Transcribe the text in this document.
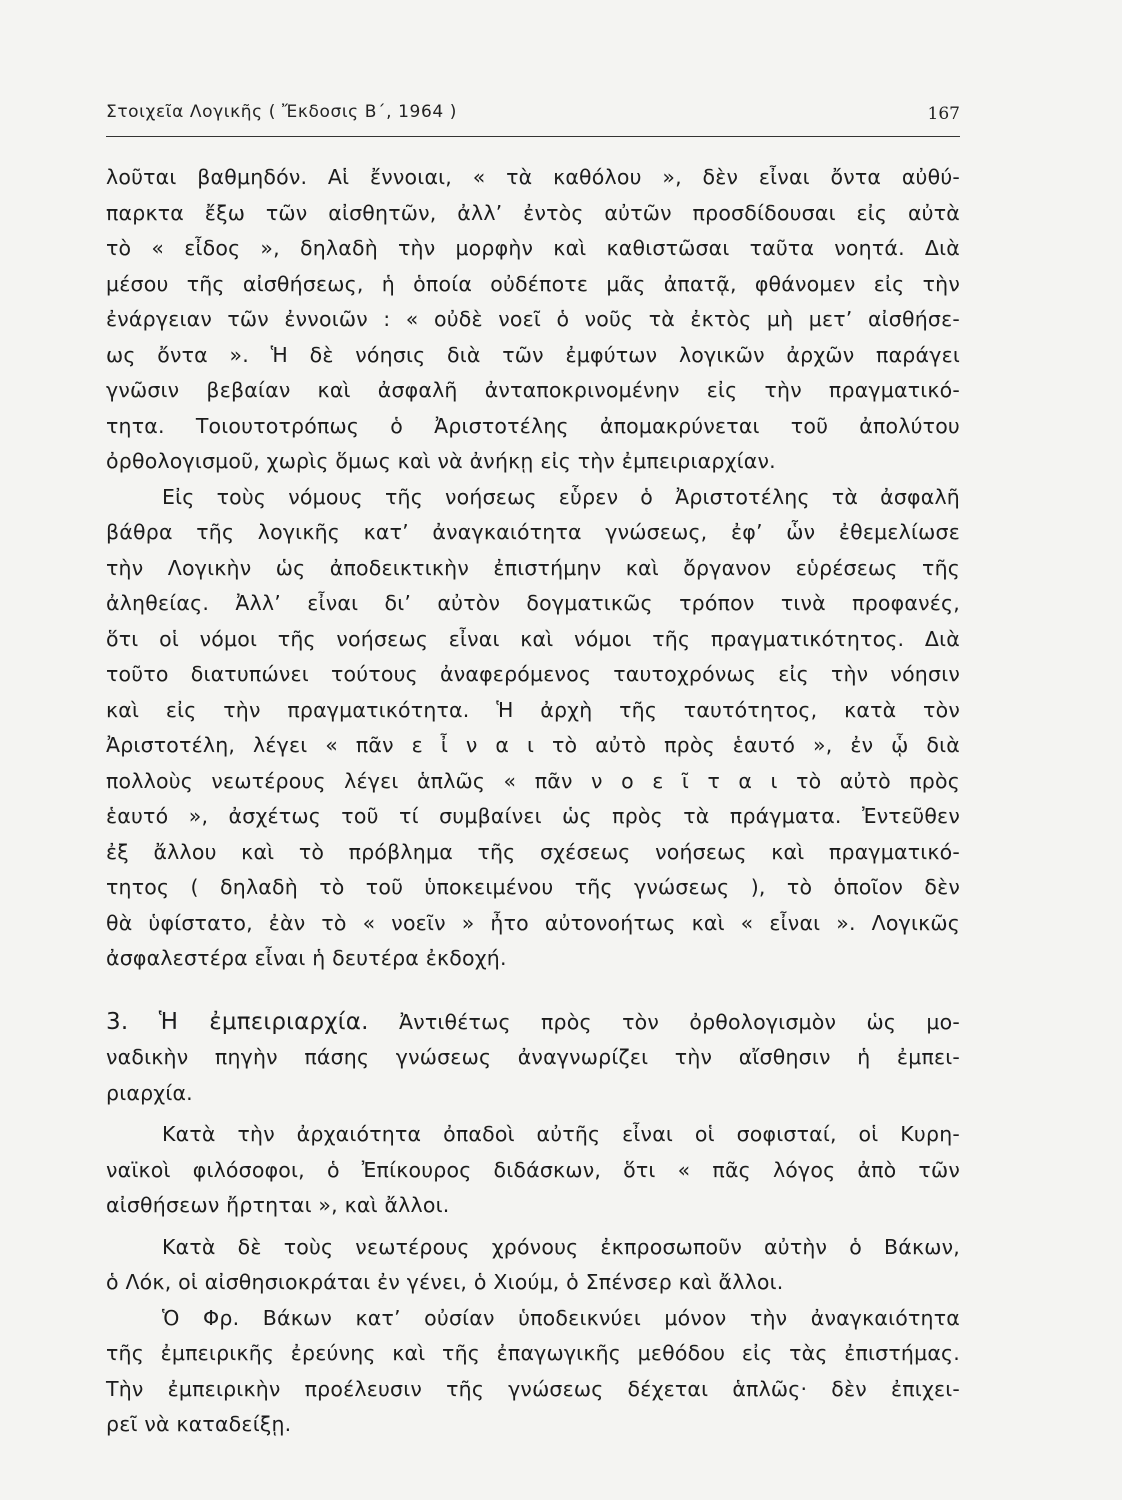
Στοιχεῖα Λογικῆς ( Ἔκδοσις Β΄, 1964 )	167
λοῦται βαθμηδόν. Αἱ ἔννοιαι, « τὰ καθόλου », δὲν εἶναι ὄντα αὐθύ-
παρκτα ἔξω τῶν αἰσθητῶν, ἀλλ’ ἐντὸς αὐτῶν προσδίδουσαι εἰς αὐτὰ
τὸ « εἶδος », δηλαδὴ τὴν μορφὴν καὶ καθιστῶσαι ταῦτα νοητά. Διὰ
μέσου τῆς αἰσθήσεως, ἡ ὁποία οὐδέποτε μᾶς ἀπατᾷ, φθάνομεν εἰς τὴν
ἐνάργειαν τῶν ἐννοιῶν : « οὐδὲ νοεῖ ὁ νοῦς τὰ ἐκτὸς μὴ μετ’ αἰσθήσε-
ως ὄντα ». Ἡ δὲ νόησις διὰ τῶν ἐμφύτων λογικῶν ἀρχῶν παράγει
γνῶσιν βεβαίαν καὶ ἀσφαλῆ ἀνταποκρινομένην εἰς τὴν πραγματικό-
τητα. Τοιουτοτρόπως ὁ Ἀριστοτέλης ἀπομακρύνεται τοῦ ἀπολύτου
ὀρθολογισμοῦ, χωρὶς ὅμως καὶ νὰ ἀνήκῃ εἰς τὴν ἐμπειριαρχίαν.
Εἰς τοὺς νόμους τῆς νοήσεως εὗρεν ὁ Ἀριστοτέλης τὰ ἀσφαλῆ
βάθρα τῆς λογικῆς κατ’ ἀναγκαιότητα γνώσεως, ἐφ’ ὧν ἐθεμελίωσε
τὴν Λογικὴν ὡς ἀποδεικτικὴν ἐπιστήμην καὶ ὄργανον εὑρέσεως τῆς
ἀληθείας. Ἀλλ’ εἶναι δι’ αὐτὸν δογματικῶς τρόπον τινὰ προφανές,
ὅτι οἱ νόμοι τῆς νοήσεως εἶναι καὶ νόμοι τῆς πραγματικότητος. Διὰ
τοῦτο διατυπώνει τούτους ἀναφερόμενος ταυτοχρόνως εἰς τὴν νόησιν
καὶ εἰς τὴν πραγματικότητα. Ἡ ἀρχὴ τῆς ταυτότητος, κατὰ τὸν
Ἀριστοτέλη, λέγει « πᾶν ε ἶ ν α ι τὸ αὐτὸ πρὸς ἑαυτό », ἐν ᾧ διὰ
πολλοὺς νεωτέρους λέγει ἁπλῶς « πᾶν ν ο ε ῖ τ α ι τὸ αὐτὸ πρὸς
ἑαυτό », ἀσχέτως τοῦ τί συμβαίνει ὡς πρὸς τὰ πράγματα. Ἐντεῦθεν
ἐξ ἄλλου καὶ τὸ πρόβλημα τῆς σχέσεως νοήσεως καὶ πραγματικό-
τητος ( δηλαδὴ τὸ τοῦ ὑποκειμένου τῆς γνώσεως ), τὸ ὁποῖον δὲν
θὰ ὑφίστατο, ἐὰν τὸ « νοεῖν » ἦτο αὐτονοήτως καὶ « εἶναι ». Λογικῶς
ἀσφαλεστέρα εἶναι ἡ δευτέρα ἐκδοχή.
3. Ἡ ἐμπειριαρχία. Ἀντιθέτως πρὸς τὸν ὀρθολογισμὸν ὡς μο-
ναδικὴν πηγὴν πάσης γνώσεως ἀναγνωρίζει τὴν αἴσθησιν ἡ ἐμπει-
ριαρχία.
Κατὰ τὴν ἀρχαιότητα ὀπαδοὶ αὐτῆς εἶναι οἱ σοφισταί, οἱ Κυρη-
ναϊκοὶ φιλόσοφοι, ὁ Ἐπίκουρος διδάσκων, ὅτι « πᾶς λόγος ἀπὸ τῶν
αἰσθήσεων ἤρτηται », καὶ ἄλλοι.
Κατὰ δὲ τοὺς νεωτέρους χρόνους ἐκπροσωποῦν αὐτὴν ὁ Βάκων,
ὁ Λόκ, οἱ αἰσθησιοκράται ἐν γένει, ὁ Χιούμ, ὁ Σπένσερ καὶ ἄλλοι.
Ὁ Φρ. Βάκων κατ’ οὐσίαν ὑποδεικνύει μόνον τὴν ἀναγκαιότητα
τῆς ἐμπειρικῆς ἐρεύνης καὶ τῆς ἐπαγωγικῆς μεθόδου εἰς τὰς ἐπιστήμας.
Τὴν ἐμπειρικὴν προέλευσιν τῆς γνώσεως δέχεται ἁπλῶς· δὲν ἐπιχει-
ρεῖ νὰ καταδείξῃ.
